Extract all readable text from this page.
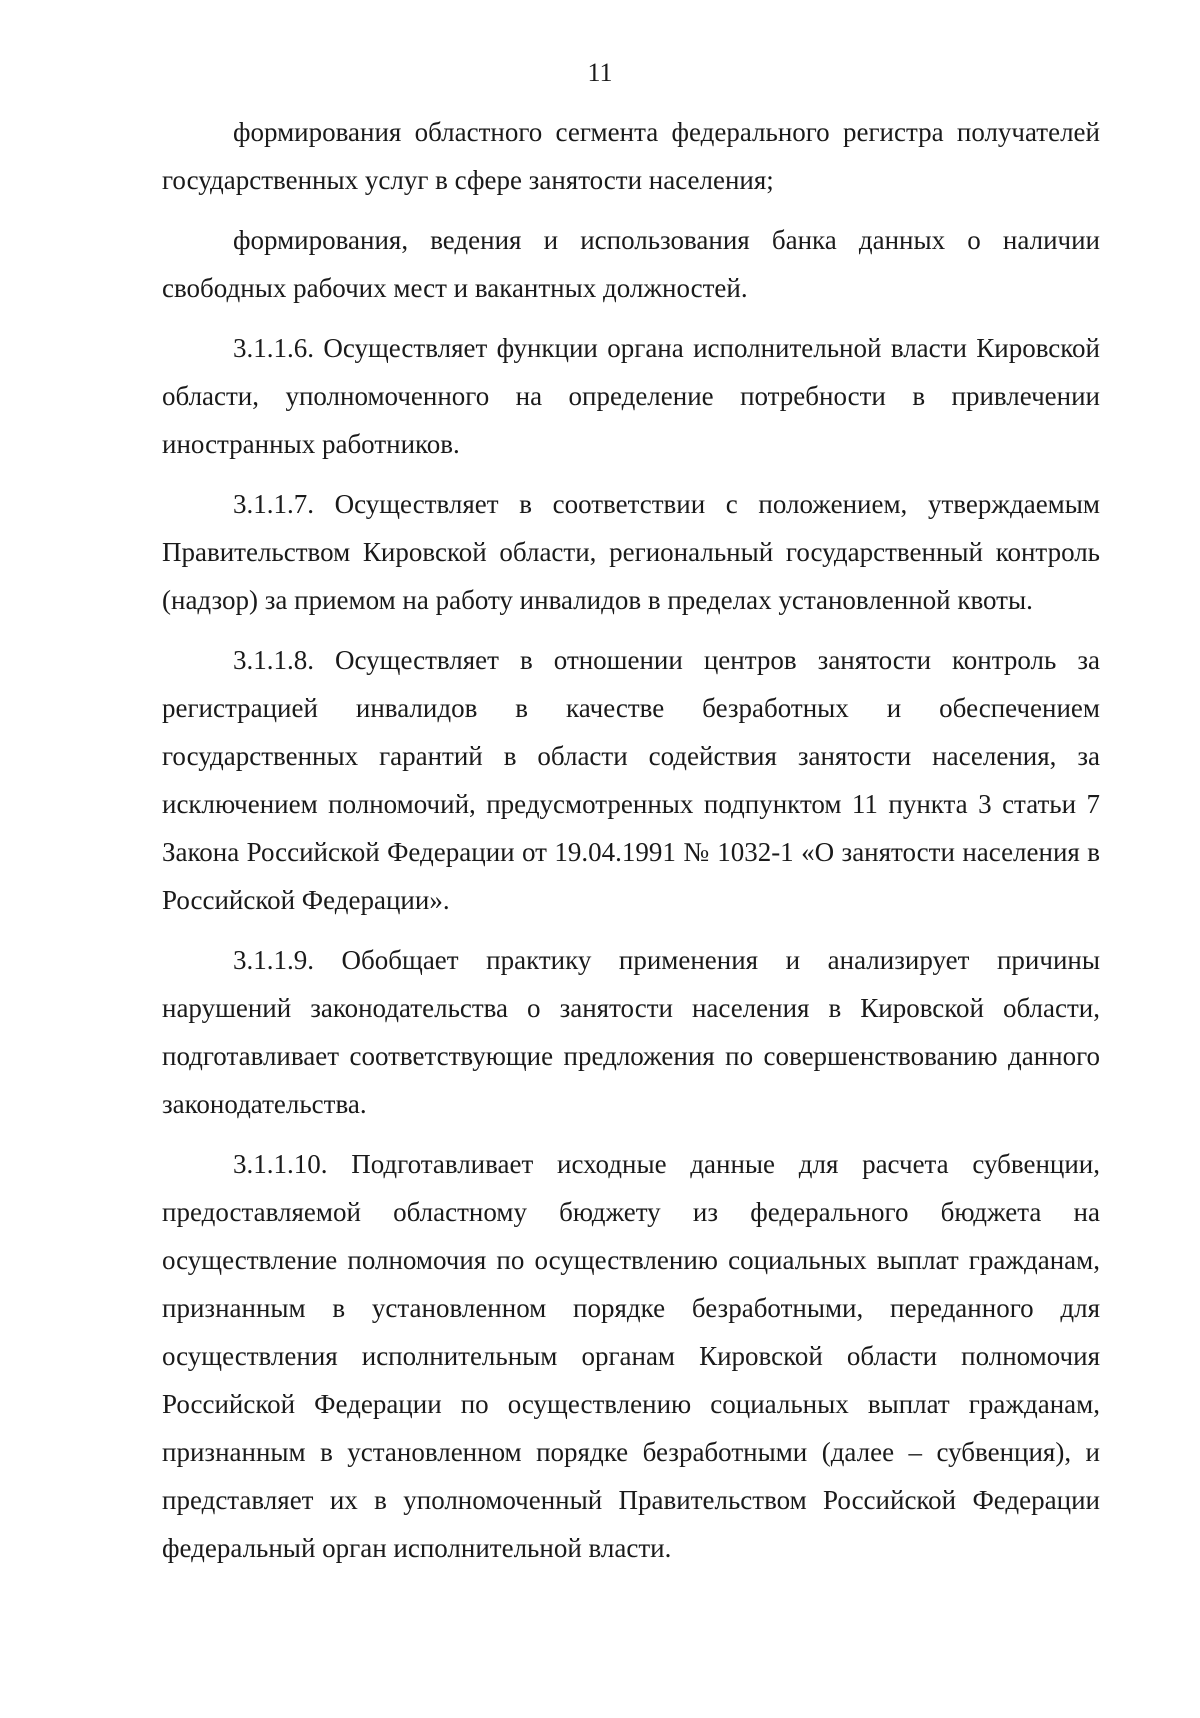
11

формирования областного сегмента федерального регистра получателей государственных услуг в сфере занятости населения;

формирования, ведения и использования банка данных о наличии свободных рабочих мест и вакантных должностей.

3.1.1.6. Осуществляет функции органа исполнительной власти Кировской области, уполномоченного на определение потребности в привлечении иностранных работников.

3.1.1.7. Осуществляет в соответствии с положением, утверждаемым Правительством Кировской области, региональный государственный контроль (надзор) за приемом на работу инвалидов в пределах установленной квоты.

3.1.1.8. Осуществляет в отношении центров занятости контроль за регистрацией инвалидов в качестве безработных и обеспечением государственных гарантий в области содействия занятости населения, за исключением полномочий, предусмотренных подпунктом 11 пункта 3 статьи 7 Закона Российской Федерации от 19.04.1991 № 1032-1 «О занятости населения в Российской Федерации».

3.1.1.9. Обобщает практику применения и анализирует причины нарушений законодательства о занятости населения в Кировской области, подготавливает соответствующие предложения по совершенствованию данного законодательства.

3.1.1.10. Подготавливает исходные данные для расчета субвенции, предоставляемой областному бюджету из федерального бюджета на осуществление полномочия по осуществлению социальных выплат гражданам, признанным в установленном порядке безработными, переданного для осуществления исполнительным органам Кировской области полномочия Российской Федерации по осуществлению социальных выплат гражданам, признанным в установленном порядке безработными (далее – субвенция), и представляет их в уполномоченный Правительством Российской Федерации федеральный орган исполнительной власти.
